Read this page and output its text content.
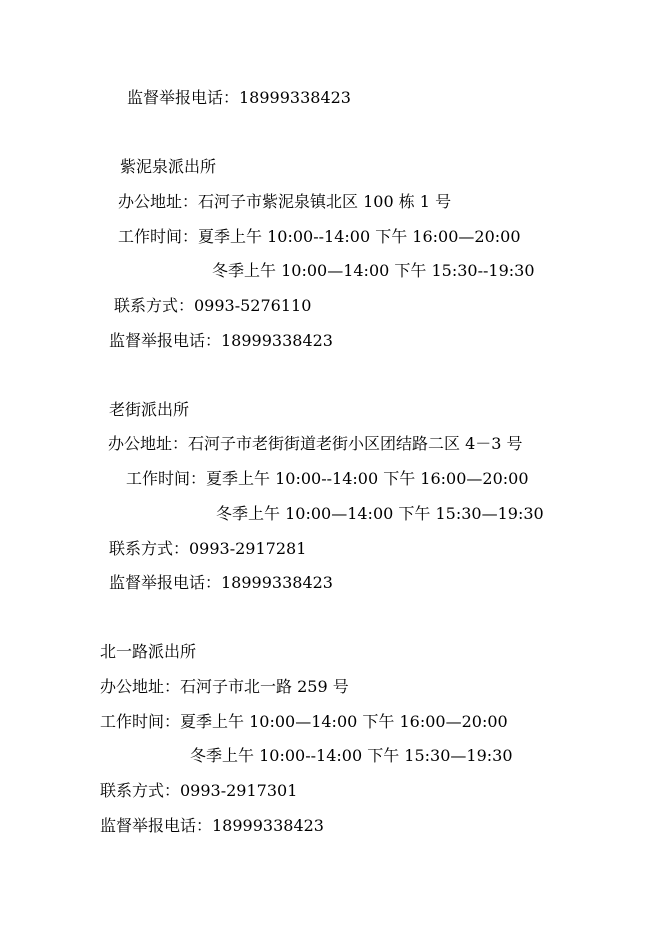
监督举报电话：18999338423
紫泥泉派出所
办公地址：石河子市紫泥泉镇北区 100 栋 1 号
工作时间：夏季上午 10:00--14:00 下午 16:00—20:00
冬季上午 10:00—14:00 下午 15:30--19:30
联系方式：0993-5276110
监督举报电话：18999338423
老街派出所
办公地址：石河子市老街街道老街小区团结路二区 4－3 号
工作时间：夏季上午 10:00--14:00 下午 16:00—20:00
冬季上午 10:00—14:00 下午 15:30—19:30
联系方式：0993-2917281
监督举报电话：18999338423
北一路派出所
办公地址：石河子市北一路 259 号
工作时间：夏季上午 10:00—14:00 下午 16:00—20:00
冬季上午 10:00--14:00 下午 15:30—19:30
联系方式：0993-2917301
监督举报电话：18999338423
